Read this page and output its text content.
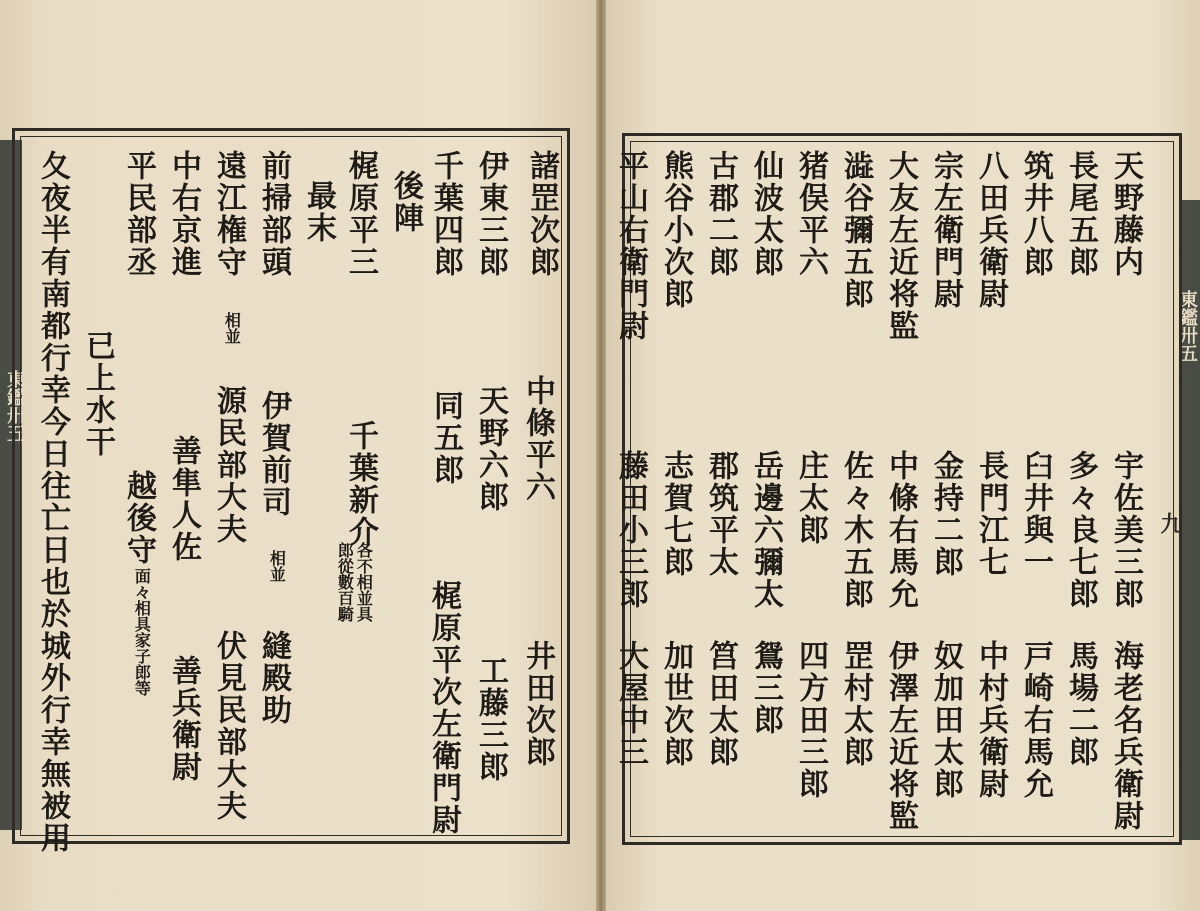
東鑑卅五
東鑑卅五
九
諸罡次郎
中條平六
井田次郎
伊東三郎
天野六郎
工藤三郎
千葉四郎
同五郎
梶原平次左衛門尉
後陣
梶原平三
千葉新介
最末
前掃部頭
伊賀前司
縫殿助
遠江権守
源民部大夫
伏見民部大夫
中右京進
善隼人佐
善兵衛尉
平民部丞
越後守
已上水干
夂夜半有南都行幸今日往亡日也於城外行幸無被用	相並
相並	各不相並具
郎從數百騎
面々相具家子郎等
天野藤内
宇佐美三郎
海老名兵衛尉
長尾五郎
多々良七郎
馬場二郎
筑井八郎
臼井與一
戸崎右馬允
八田兵衛尉
長門江七
中村兵衛尉
宗左衛門尉
金持二郎
奴加田太郎
大友左近将監
中條右馬允
伊澤左近将監
澁谷彌五郎
佐々木五郎
罡村太郎
猪俣平六
庄太郎
四方田三郎
仙波太郎
岳邊六彌太
鴛三郎
古郡二郎
郡筑平太
筥田太郎
熊谷小次郎
志賀七郎
加世次郎
平山右衛門尉
藤田小三郎
大屋中三
